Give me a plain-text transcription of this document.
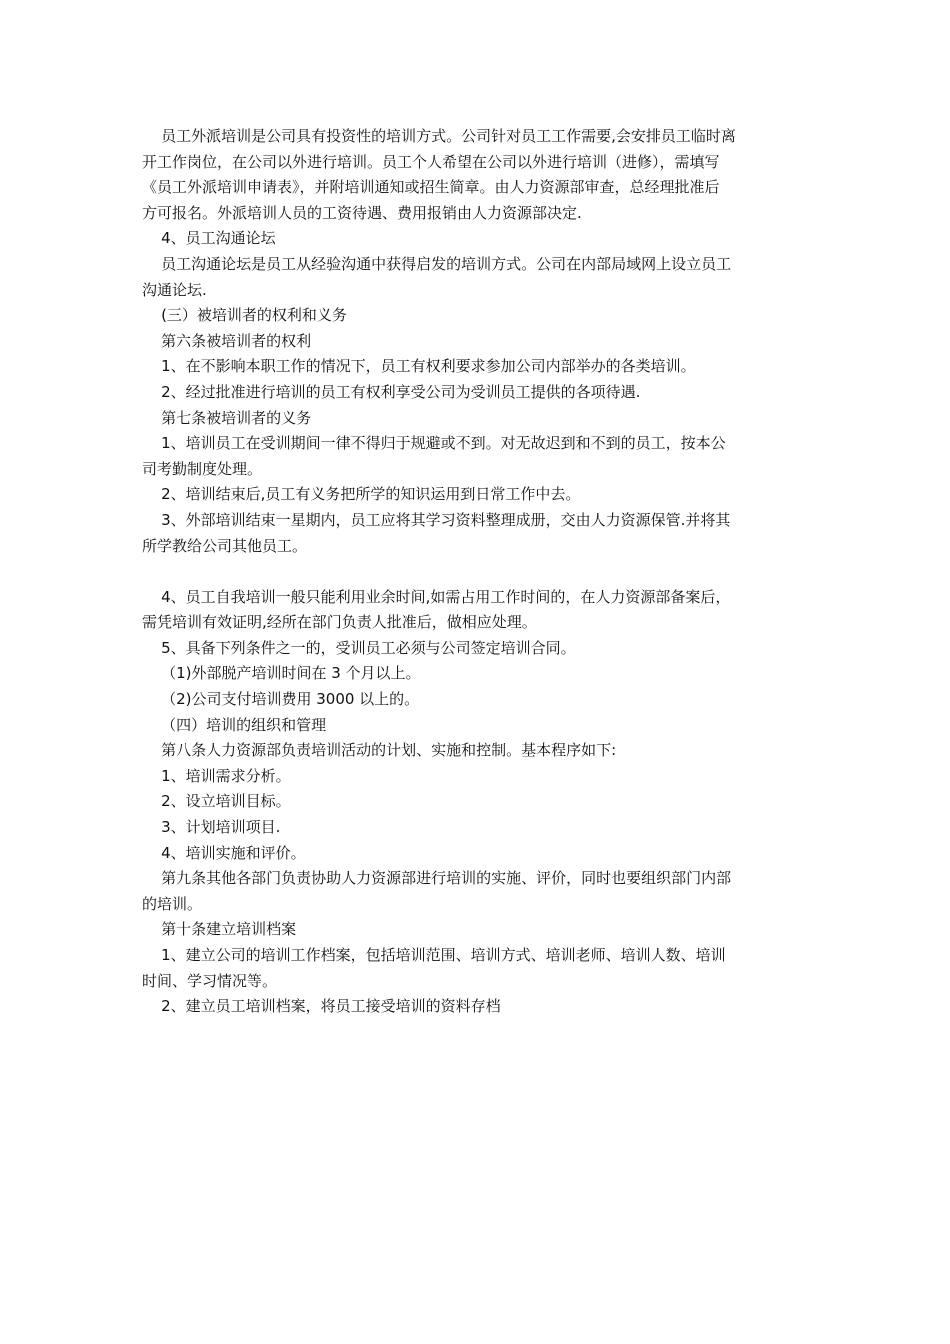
员工外派培训是公司具有投资性的培训方式。公司针对员工工作需要,会安排员工临时离
开工作岗位，在公司以外进行培训。员工个人希望在公司以外进行培训（进修），需填写
《员工外派培训申请表》，并附培训通知或招生简章。由人力资源部审查，总经理批准后
方可报名。外派培训人员的工资待遇、费用报销由人力资源部决定.
4、员工沟通论坛
员工沟通论坛是员工从经验沟通中获得启发的培训方式。公司在内部局域网上设立员工
沟通论坛.
(三）被培训者的权利和义务
第六条被培训者的权利
1、在不影响本职工作的情况下，员工有权利要求参加公司内部举办的各类培训。
2、经过批准进行培训的员工有权利享受公司为受训员工提供的各项待遇.
第七条被培训者的义务
1、培训员工在受训期间一律不得归于规避或不到。对无故迟到和不到的员工，按本公
司考勤制度处理。
2、培训结束后,员工有义务把所学的知识运用到日常工作中去。
3、外部培训结束一星期内，员工应将其学习资料整理成册，交由人力资源保管.并将其
所学教给公司其他员工。
4、员工自我培训一般只能利用业余时间,如需占用工作时间的，在人力资源部备案后，
需凭培训有效证明,经所在部门负责人批准后，做相应处理。
5、具备下列条件之一的，受训员工必须与公司签定培训合同。
（1)外部脱产培训时间在 3 个月以上。
（2)公司支付培训费用 3000 以上的。
（四）培训的组织和管理
第八条人力资源部负责培训活动的计划、实施和控制。基本程序如下:
1、培训需求分析。
2、设立培训目标。
3、计划培训项目.
4、培训实施和评价。
第九条其他各部门负责协助人力资源部进行培训的实施、评价，同时也要组织部门内部
的培训。
第十条建立培训档案
1、建立公司的培训工作档案，包括培训范围、培训方式、培训老师、培训人数、培训
时间、学习情况等。
2、建立员工培训档案，将员工接受培训的资料存档
